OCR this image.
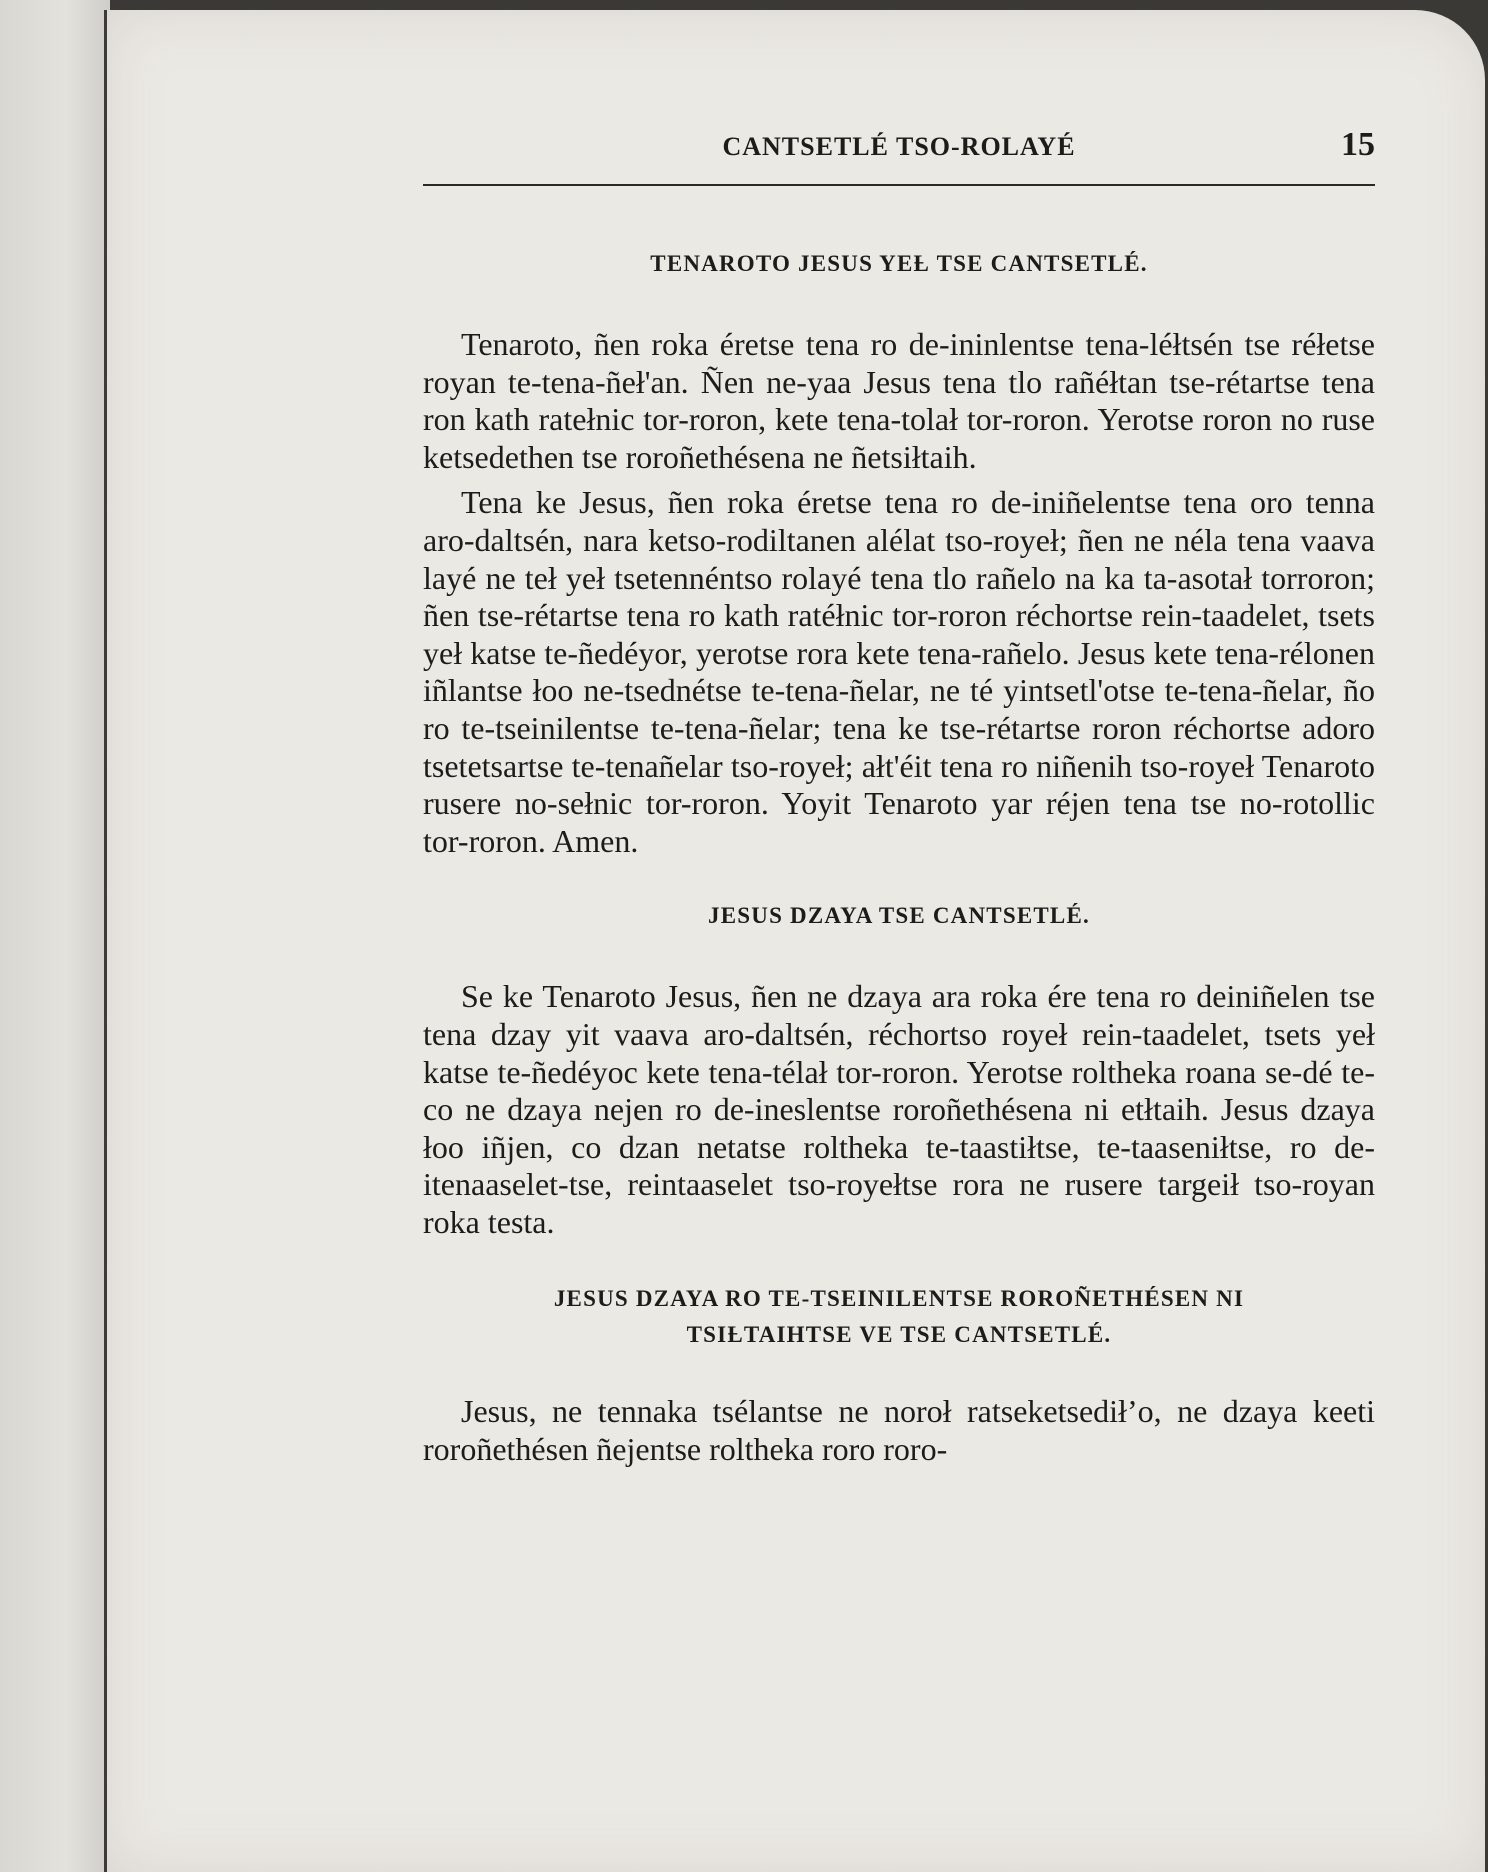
CANTSETLÉ TSO-ROLAYÉ	15
TENAROTO JESUS YEȽ TSE CANTSETLÉ.

Tenaroto, ñen roka éretse tena ro de-ininlentse tena-léłtsén tse réłetse royan te-tena-ñeł'an. Ñen ne-yaa Jesus tena tlo rañéłtan tse-rétartse tena ron kath ratełnic tor-roron, kete tena-tolał tor-roron. Yerotse roron no ruse ketsedethen tse roroñethésena ne ñetsiłtaih.

Tena ke Jesus, ñen roka éretse tena ro de-iniñelentse tena oro tenna aro-daltsén, nara ketso-rodiltanen alélat tso-royeł; ñen ne néla tena vaava layé ne teł yeł tsetennéntso rolayé tena tlo rañelo na ka ta-asotał torroron; ñen tse-rétartse tena ro kath ratéłnic tor-roron réchortse rein-taadelet, tsets yeł katse te-ñedéyor, yerotse rora kete tena-rañelo. Jesus kete tena-rélonen iñlantse łoo ne-tsednétse te-tena-ñelar, ne té yintsetl'otse te-tena-ñelar, ño ro te-tseinilentse te-tena-ñelar; tena ke tse-rétartse roron réchortse adoro tsetetsartse te-tenañelar tso-royeł; ałt'éit tena ro niñenih tso-royeł Tenaroto rusere no-sełnic tor-roron. Yoyit Tenaroto yar réjen tena tse no-rotollic tor-roron. Amen.

JESUS DZAYA TSE CANTSETLÉ.

Se ke Tenaroto Jesus, ñen ne dzaya ara roka ére tena ro deiniñelen tse tena dzay yit vaava aro-daltsén, réchortso royeł rein-taadelet, tsets yeł katse te-ñedéyoc kete tena-télał tor-roron. Yerotse roltheka roana se-dé te-co ne dzaya nejen ro de-ineslentse roroñethésena ni etłtaih. Jesus dzaya łoo iñjen, co dzan netatse roltheka te-taastiłtse, te-taaseniłtse, ro de-itenaaselet-tse, reintaaselet tso-royełtse rora ne rusere targeił tso-royan roka testa.

JESUS DZAYA RO TE-TSEINILENTSE ROROÑETHÉSEN NI
TSIȽTAIHTSE VE TSE CANTSETLÉ.

Jesus, ne tennaka tsélantse ne noroł ratseketsediłʼo, ne dzaya keeti roroñethésen ñejentse roltheka roro roro-
